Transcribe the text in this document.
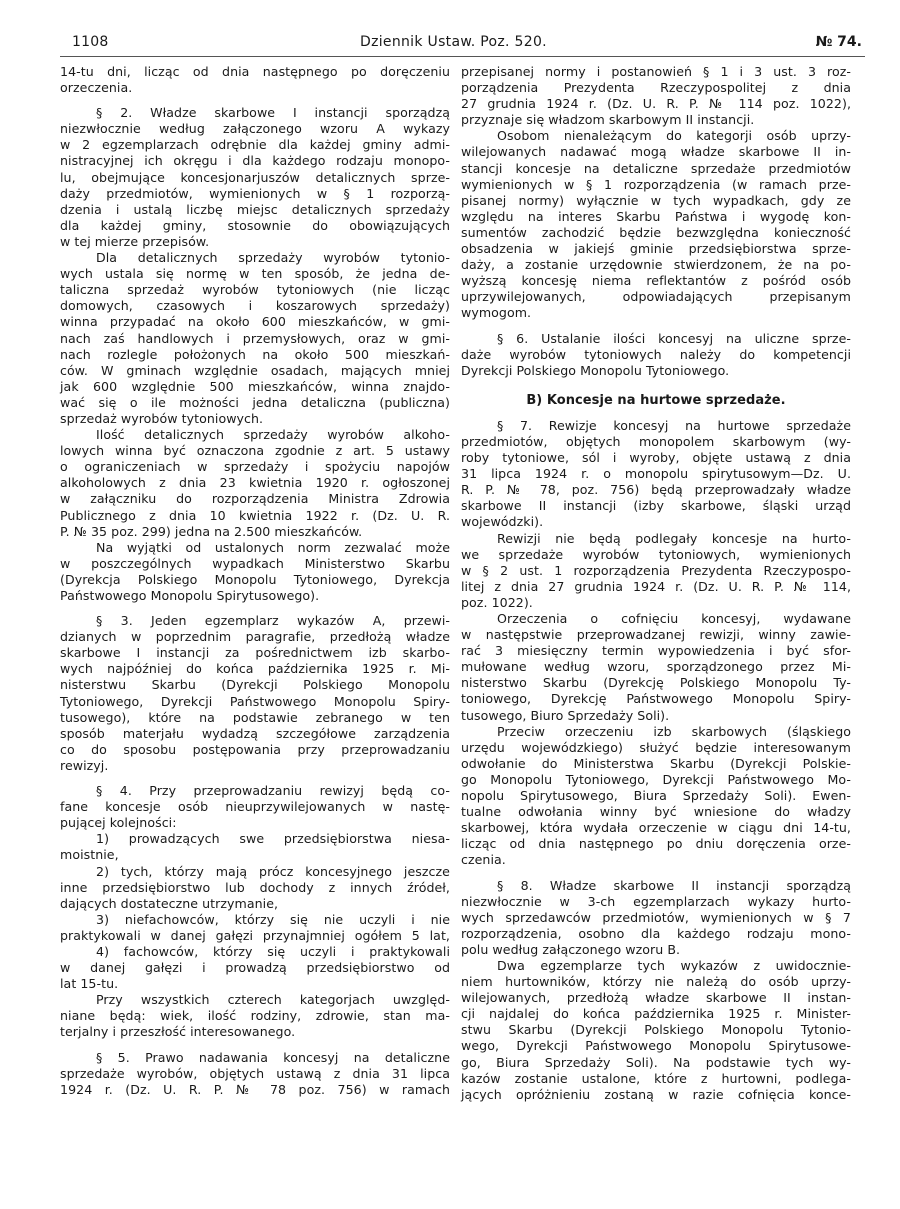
1108	Dziennik Ustaw. Poz. 520.	№ 74.
14-tu dni, licząc od dnia następnego po doręczeniu
orzeczenia.
§ 2. Władze skarbowe I instancji sporządzą
niezwłocznie według załączonego wzoru A wykazy
w 2 egzemplarzach odrębnie dla każdej gminy admi-
nistracyjnej ich okręgu i dla każdego rodzaju monopo-
lu, obejmujące koncesjonarjuszów detalicznych sprze-
daży przedmiotów, wymienionych w § 1 rozporzą-
dzenia i ustalą liczbę miejsc detalicznych sprzedaży
dla każdej gminy, stosownie do obowiązujących
w tej mierze przepisów.
Dla detalicznych sprzedaży wyrobów tytonio-
wych ustala się normę w ten sposób, że jedna de-
taliczna sprzedaż wyrobów tytoniowych (nie licząc
domowych, czasowych i koszarowych sprzedaży)
winna przypadać na około 600 mieszkańców, w gmi-
nach zaś handlowych i przemysłowych, oraz w gmi-
nach rozlegle położonych na około 500 mieszkań-
ców. W gminach względnie osadach, mających mniej
jak 600 względnie 500 mieszkańców, winna znajdo-
wać się o ile możności jedna detaliczna (publiczna)
sprzedaż wyrobów tytoniowych.
Ilość detalicznych sprzedaży wyrobów alkoho-
lowych winna być oznaczona zgodnie z art. 5 ustawy
o ograniczeniach w sprzedaży i spożyciu napojów
alkoholowych z dnia 23 kwietnia 1920 r. ogłoszonej
w załączniku do rozporządzenia Ministra Zdrowia
Publicznego z dnia 10 kwietnia 1922 r. (Dz. U. R.
P. № 35 poz. 299) jedna na 2.500 mieszkańców.
Na wyjątki od ustalonych norm zezwalać może
w poszczególnych wypadkach Ministerstwo Skarbu
(Dyrekcja Polskiego Monopolu Tytoniowego, Dyrekcja
Państwowego Monopolu Spirytusowego).
§ 3. Jeden egzemplarz wykazów A, przewi-
dzianych w poprzednim paragrafie, przedłożą władze
skarbowe I instancji za pośrednictwem izb skarbo-
wych najpóźniej do końca października 1925 r. Mi-
nisterstwu Skarbu (Dyrekcji Polskiego Monopolu
Tytoniowego, Dyrekcji Państwowego Monopolu Spiry-
tusowego), które na podstawie zebranego w ten
sposób materjału wydadzą szczegółowe zarządzenia
co do sposobu postępowania przy przeprowadzaniu
rewizyj.
§ 4. Przy przeprowadzaniu rewizyj będą co-
fane koncesje osób nieuprzywilejowanych w nastę-
pującej kolejności:
1) prowadzących swe przedsiębiorstwa niesa-
moistnie,
2) tych, którzy mają prócz koncesyjnego jeszcze
inne przedsiębiorstwo lub dochody z innych źródeł,
dających dostateczne utrzymanie,
3) niefachowców, którzy się nie uczyli i nie
praktykowali w danej gałęzi przynajmniej ogółem 5 lat,
4) fachowców, którzy się uczyli i praktykowali
w danej gałęzi i prowadzą przedsiębiorstwo od
lat 15-tu.
Przy wszystkich czterech kategorjach uwzględ-
niane będą: wiek, ilość rodziny, zdrowie, stan ma-
terjalny i przeszłość interesowanego.
§ 5. Prawo nadawania koncesyj na detaliczne
sprzedaże wyrobów, objętych ustawą z dnia 31 lipca
1924 r. (Dz. U. R. P. № 78 poz. 756) w ramach
przepisanej normy i postanowień § 1 i 3 ust. 3 roz-
porządzenia Prezydenta Rzeczypospolitej z dnia
27 grudnia 1924 r. (Dz. U. R. P. № 114 poz. 1022),
przyznaje się władzom skarbowym II instancji.
Osobom nienależącym do kategorji osób uprzy-
wilejowanych nadawać mogą władze skarbowe II in-
stancji koncesje na detaliczne sprzedaże przedmiotów
wymienionych w § 1 rozporządzenia (w ramach prze-
pisanej normy) wyłącznie w tych wypadkach, gdy ze
względu na interes Skarbu Państwa i wygodę kon-
sumentów zachodzić będzie bezwzględna konieczność
obsadzenia w jakiejś gminie przedsiębiorstwa sprze-
daży, a zostanie urzędownie stwierdzonem, że na po-
wyższą koncesję niema reflektantów z pośród osób
uprzywilejowanych, odpowiadających przepisanym
wymogom.
§ 6. Ustalanie ilości koncesyj na uliczne sprze-
daże wyrobów tytoniowych należy do kompetencji
Dyrekcji Polskiego Monopolu Tytoniowego.
B) Koncesje na hurtowe sprzedaże.
§ 7. Rewizje koncesyj na hurtowe sprzedaże
przedmiotów, objętych monopolem skarbowym (wy-
roby tytoniowe, sól i wyroby, objęte ustawą z dnia
31 lipca 1924 r. o monopolu spirytusowym—Dz. U.
R. P. № 78, poz. 756) będą przeprowadzały władze
skarbowe II instancji (izby skarbowe, śląski urząd
wojewódzki).
Rewizji nie będą podlegały koncesje na hurto-
we sprzedaże wyrobów tytoniowych, wymienionych
w § 2 ust. 1 rozporządzenia Prezydenta Rzeczypospo-
litej z dnia 27 grudnia 1924 r. (Dz. U. R. P. № 114,
poz. 1022).
Orzeczenia o cofnięciu koncesyj, wydawane
w następstwie przeprowadzanej rewizji, winny zawie-
rać 3 miesięczny termin wypowiedzenia i być sfor-
mułowane według wzoru, sporządzonego przez Mi-
nisterstwo Skarbu (Dyrekcję Polskiego Monopolu Ty-
toniowego, Dyrekcję Państwowego Monopolu Spiry-
tusowego, Biuro Sprzedaży Soli).
Przeciw orzeczeniu izb skarbowych (śląskiego
urzędu wojewódzkiego) służyć będzie interesowanym
odwołanie do Ministerstwa Skarbu (Dyrekcji Polskie-
go Monopolu Tytoniowego, Dyrekcji Państwowego Mo-
nopolu Spirytusowego, Biura Sprzedaży Soli). Ewen-
tualne odwołania winny być wniesione do władzy
skarbowej, która wydała orzeczenie w ciągu dni 14-tu,
licząc od dnia następnego po dniu doręczenia orze-
czenia.
§ 8. Władze skarbowe II instancji sporządzą
niezwłocznie w 3-ch egzemplarzach wykazy hurto-
wych sprzedawców przedmiotów, wymienionych w § 7
rozporządzenia, osobno dla każdego rodzaju mono-
polu według załączonego wzoru B.
Dwa egzemplarze tych wykazów z uwidocznie-
niem hurtowników, którzy nie należą do osób uprzy-
wilejowanych, przedłożą władze skarbowe II instan-
cji najdalej do końca października 1925 r. Minister-
stwu Skarbu (Dyrekcji Polskiego Monopolu Tytonio-
wego, Dyrekcji Państwowego Monopolu Spirytusowe-
go, Biura Sprzedaży Soli). Na podstawie tych wy-
kazów zostanie ustalone, które z hurtowni, podlega-
jących opróżnieniu zostaną w razie cofnięcia konce-
